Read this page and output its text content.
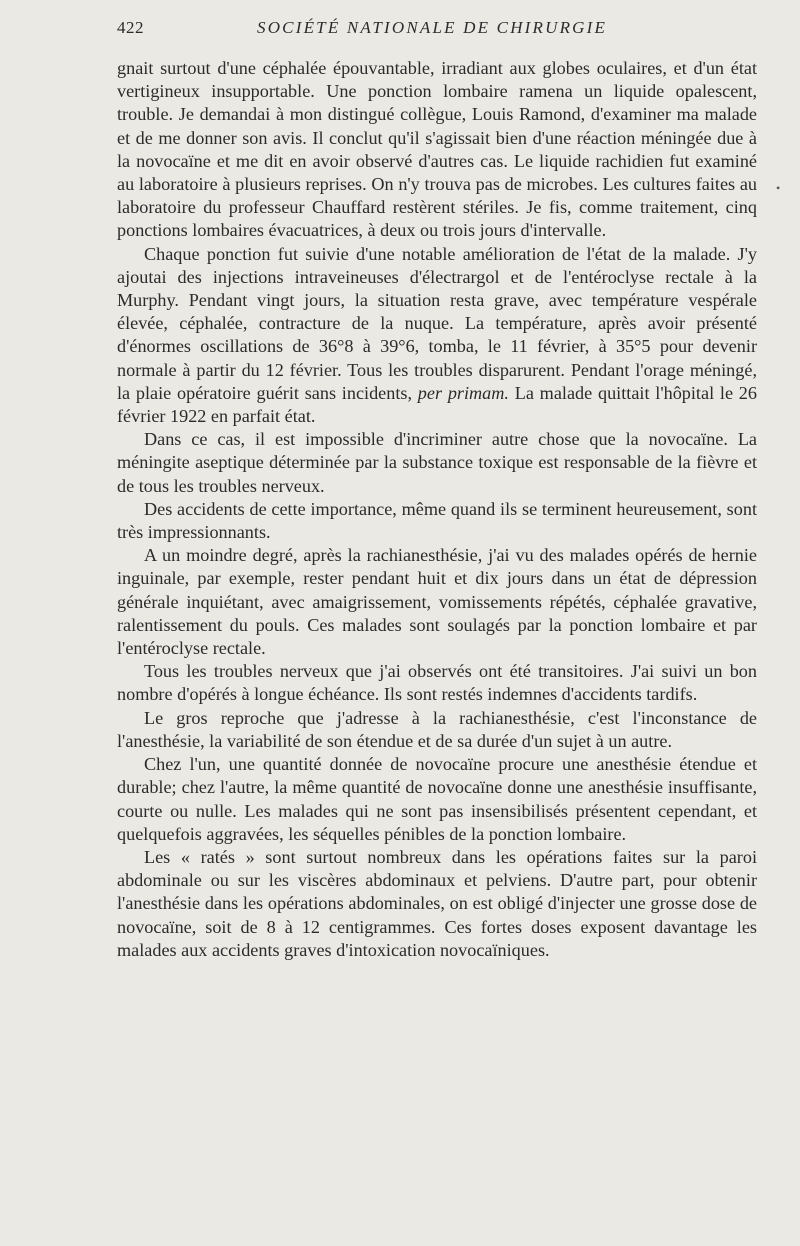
422	SOCIÉTÉ NATIONALE DE CHIRURGIE

gnait surtout d'une céphalée épouvantable, irradiant aux globes oculaires, et d'un état vertigineux insupportable. Une ponction lombaire ramena un liquide opalescent, trouble. Je demandai à mon distingué collègue, Louis Ramond, d'examiner ma malade et de me donner son avis. Il conclut qu'il s'agissait bien d'une réaction méningée due à la novocaïne et me dit en avoir observé d'autres cas. Le liquide rachidien fut examiné au laboratoire à plusieurs reprises. On n'y trouva pas de microbes. Les cultures faites au laboratoire du professeur Chauffard restèrent stériles. Je fis, comme traitement, cinq ponctions lombaires évacuatrices, à deux ou trois jours d'intervalle.

Chaque ponction fut suivie d'une notable amélioration de l'état de la malade. J'y ajoutai des injections intraveineuses d'électrargol et de l'entéroclyse rectale à la Murphy. Pendant vingt jours, la situation resta grave, avec température vespérale élevée, céphalée, contracture de la nuque. La température, après avoir présenté d'énormes oscillations de 36°8 à 39°6, tomba, le 11 février, à 35°5 pour devenir normale à partir du 12 février. Tous les troubles disparurent. Pendant l'orage méningé, la plaie opératoire guérit sans incidents, per primam. La malade quittait l'hôpital le 26 février 1922 en parfait état.

Dans ce cas, il est impossible d'incriminer autre chose que la novocaïne. La méningite aseptique déterminée par la substance toxique est responsable de la fièvre et de tous les troubles nerveux.

Des accidents de cette importance, même quand ils se terminent heureusement, sont très impressionnants.

A un moindre degré, après la rachianesthésie, j'ai vu des malades opérés de hernie inguinale, par exemple, rester pendant huit et dix jours dans un état de dépression générale inquiétant, avec amaigrissement, vomissements répétés, céphalée gravative, ralentissement du pouls. Ces malades sont soulagés par la ponction lombaire et par l'entéroclyse rectale.

Tous les troubles nerveux que j'ai observés ont été transitoires. J'ai suivi un bon nombre d'opérés à longue échéance. Ils sont restés indemnes d'accidents tardifs.

Le gros reproche que j'adresse à la rachianesthésie, c'est l'inconstance de l'anesthésie, la variabilité de son étendue et de sa durée d'un sujet à un autre.

Chez l'un, une quantité donnée de novocaïne procure une anesthésie étendue et durable; chez l'autre, la même quantité de novocaïne donne une anesthésie insuffisante, courte ou nulle. Les malades qui ne sont pas insensibilisés présentent cependant, et quelquefois aggravées, les séquelles pénibles de la ponction lombaire.

Les « ratés » sont surtout nombreux dans les opérations faites sur la paroi abdominale ou sur les viscères abdominaux et pelviens. D'autre part, pour obtenir l'anesthésie dans les opérations abdominales, on est obligé d'injecter une grosse dose de novocaïne, soit de 8 à 12 centigrammes. Ces fortes doses exposent davantage les malades aux accidents graves d'intoxication novocaïniques.

•
